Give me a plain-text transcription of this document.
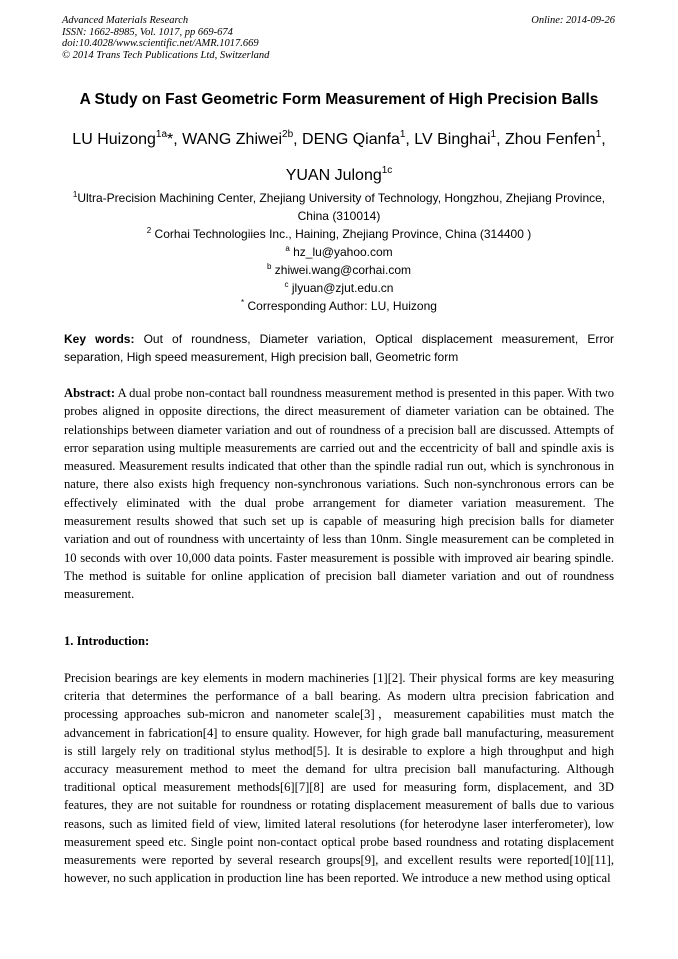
Advanced Materials Research
ISSN: 1662-8985, Vol. 1017, pp 669-674
doi:10.4028/www.scientific.net/AMR.1017.669
© 2014 Trans Tech Publications Ltd, Switzerland
Online: 2014-09-26
A Study on Fast Geometric Form Measurement of High Precision Balls
LU Huizong$^{1a}$*, WANG Zhiwei$^{2b}$, DENG Qianfa$^1$, LV Binghai$^1$, Zhou Fenfen$^1$,
YUAN Julong$^{1c}$
$^1$Ultra-Precision Machining Center, Zhejiang University of Technology, Hongzhou, Zhejiang Province, China (310014)
$^2$ Corhai Technologiies Inc., Haining, Zhejiang Province, China (314400 )
$^a$ hz_lu@yahoo.com
$^b$ zhiwei.wang@corhai.com
$^c$ jlyuan@zjut.edu.cn
* Corresponding Author: LU, Huizong
Key words: Out of roundness, Diameter variation, Optical displacement measurement, Error separation, High speed measurement, High precision ball, Geometric form
Abstract: A dual probe non-contact ball roundness measurement method is presented in this paper. With two probes aligned in opposite directions, the direct measurement of diameter variation can be obtained. The relationships between diameter variation and out of roundness of a precision ball are discussed. Attempts of error separation using multiple measurements are carried out and the eccentricity of ball and spindle axis is measured. Measurement results indicated that other than the spindle radial run out, which is synchronous in nature, there also exists high frequency non-synchronous variations. Such non-synchronous errors can be effectively eliminated with the dual probe arrangement for diameter variation measurement. The measurement results showed that such set up is capable of measuring high precision balls for diameter variation and out of roundness with uncertainty of less than 10nm. Single measurement can be completed in 10 seconds with over 10,000 data points. Faster measurement is possible with improved air bearing spindle. The method is suitable for online application of precision ball diameter variation and out of roundness measurement.
1. Introduction:
Precision bearings are key elements in modern machineries [1][2]. Their physical forms are key measuring criteria that determines the performance of a ball bearing. As modern ultra precision fabrication and processing approaches sub-micron and nanometer scale[3]，measurement capabilities must match the advancement in fabrication[4] to ensure quality. However, for high grade ball manufacturing, measurement is still largely rely on traditional stylus method[5]. It is desirable to explore a high throughput and high accuracy measurement method to meet the demand for ultra precision ball manufacturing. Although traditional optical measurement methods[6][7][8] are used for measuring form, displacement, and 3D features, they are not suitable for roundness or rotating displacement measurement of balls due to various reasons, such as limited field of view, limited lateral resolutions (for heterodyne laser interferometer), low measurement speed etc. Single point non-contact optical probe based roundness and rotating displacement measurements were reported by several research groups[9], and excellent results were reported[10][11], however, no such application in production line has been reported. We introduce a new method using optical
